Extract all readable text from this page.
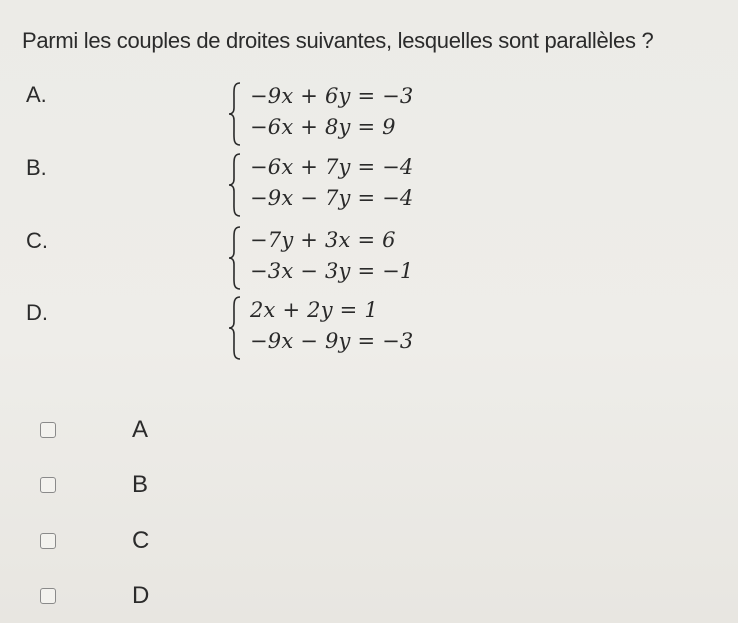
Parmi les couples de droites suivantes, lesquelles sont parallèles ?
A.	−9x + 6y = −3
−6x + 8y = 9
B.	−6x + 7y = −4
−9x − 7y = −4
C.	−7y + 3x = 6
−3x − 3y = −1
D.	2x + 2y = 1
−9x − 9y = −3
A
B
C
D
